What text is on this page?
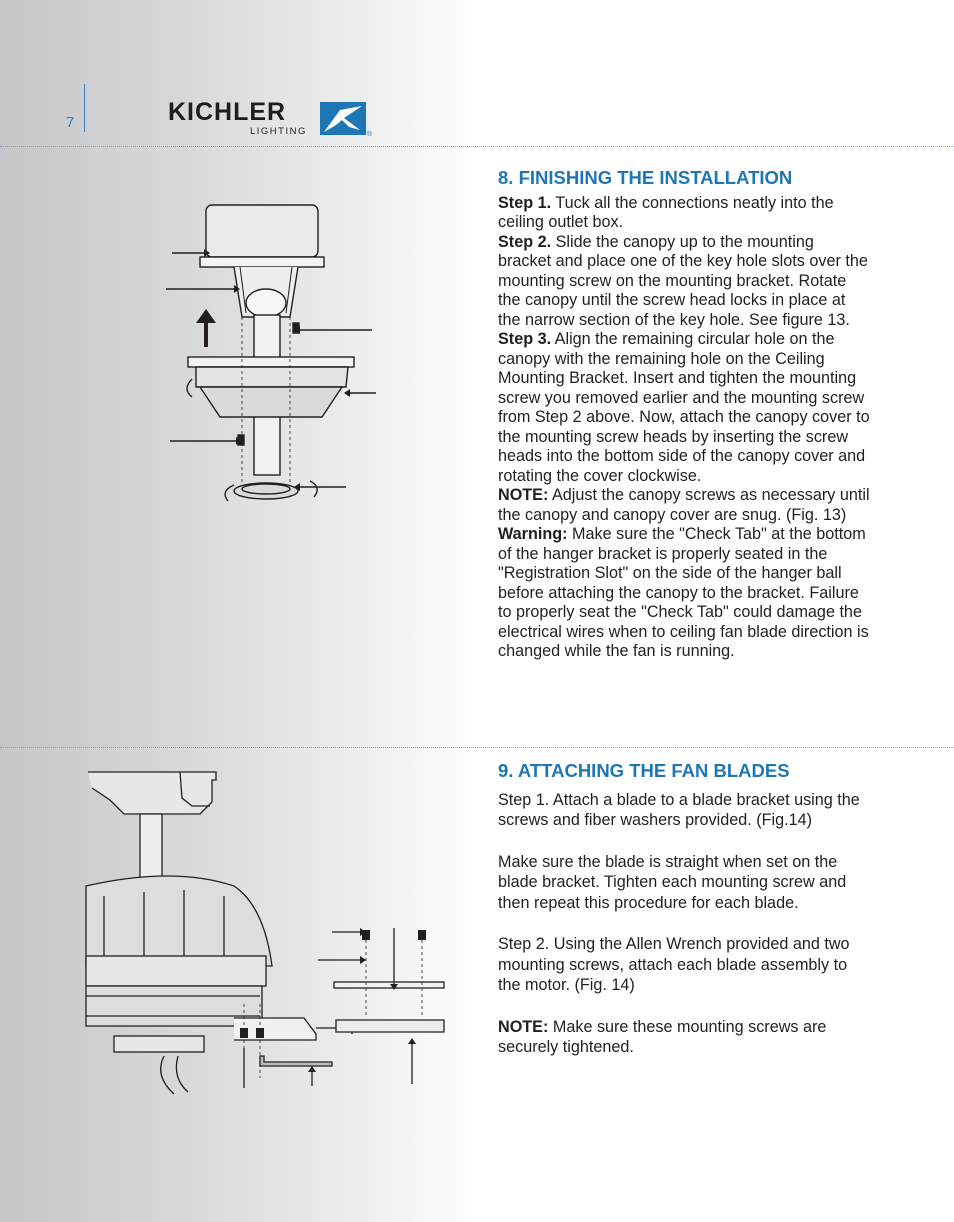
7	KICHLER
LIGHTING	®
8. FINISHING THE INSTALLATION

Step 1. Tuck all the connections neatly into the ceiling outlet box.

Step 2. Slide the canopy up to the mounting bracket and place one of the key hole slots over the mounting screw on the mounting bracket. Rotate the canopy until the screw head locks in place at the narrow section of the key hole. See figure 13.

Step 3. Align the remaining circular hole on the canopy with the remaining hole on the Ceiling Mounting Bracket. Insert and tighten the mounting screw you removed earlier and the mounting screw from Step 2 above. Now, attach the canopy cover to the mounting screw heads by inserting the screw heads into the bottom side of the canopy cover and rotating the cover clockwise.

NOTE: Adjust the canopy screws as necessary until the canopy and canopy cover are snug. (Fig. 13)

Warning: Make sure the "Check Tab" at the bottom of the hanger bracket is properly seated in the "Registration Slot" on the side of the hanger ball before attaching the canopy to the bracket. Failure to properly seat the "Check Tab" could damage the electrical wires when to ceiling fan blade direction is changed while the fan is running.

9. ATTACHING THE FAN BLADES

Step 1. Attach a blade to a blade bracket using the screws and fiber washers provided. (Fig.14)

Make sure the blade is straight when set on the blade bracket. Tighten each mounting screw and then repeat this procedure for each blade.

Step 2. Using the Allen Wrench provided and two mounting screws, attach each blade assembly to the motor. (Fig. 14)

NOTE: Make sure these mounting screws are securely tightened.
